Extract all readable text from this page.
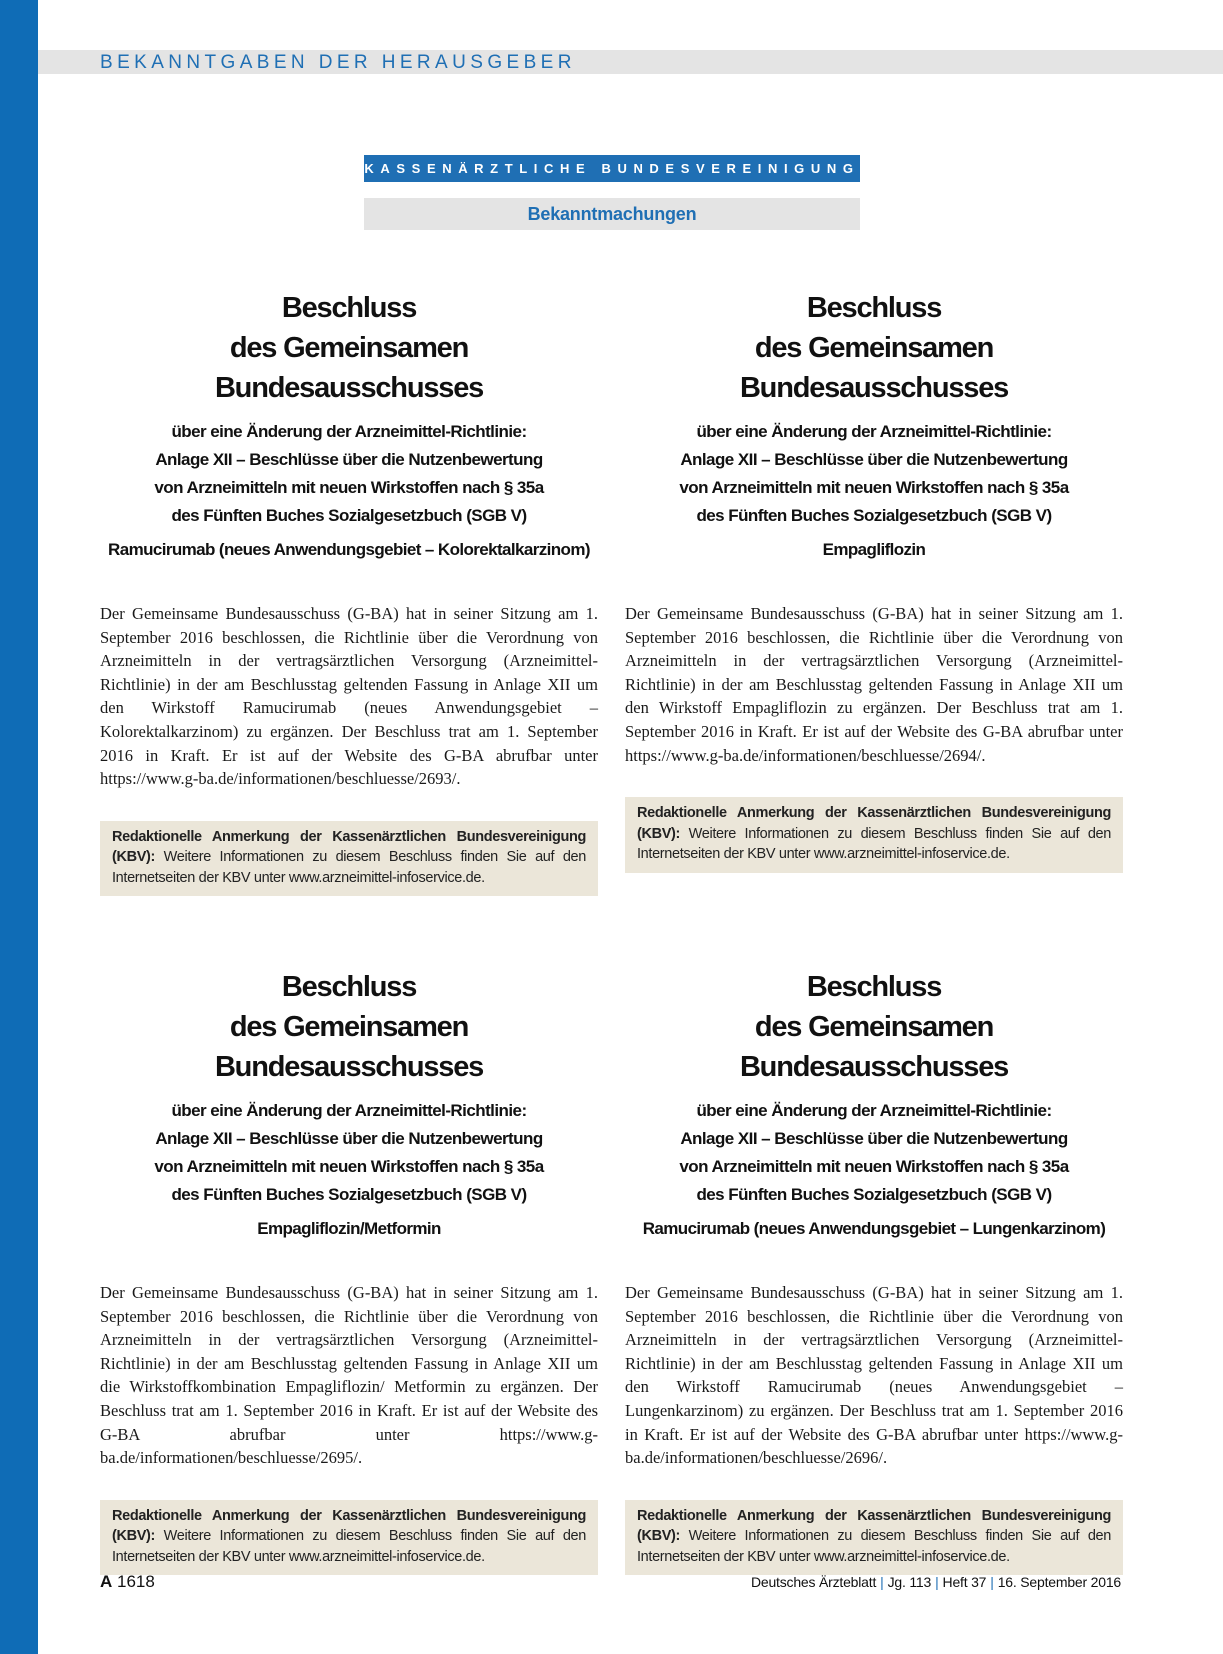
BEKANNTGABEN DER HERAUSGEBER
KASSENÄRZTLICHE BUNDESVEREINIGUNG
Bekanntmachungen
Beschluss
des Gemeinsamen Bundesausschusses
über eine Änderung der Arzneimittel-Richtlinie:
Anlage XII – Beschlüsse über die Nutzenbewertung
von Arzneimitteln mit neuen Wirkstoffen nach § 35a
des Fünften Buches Sozialgesetzbuch (SGB V)
Ramucirumab (neues Anwendungsgebiet – Kolorektalkarzinom)

Der Gemeinsame Bundesausschuss (G-BA) hat in seiner Sitzung am 1. September 2016 beschlossen, die Richtlinie über die Verordnung von Arzneimitteln in der vertragsärztlichen Versorgung (Arzneimittel-Richtlinie) in der am Beschlusstag geltenden Fassung in Anlage XII um den Wirkstoff Ramucirumab (neues Anwendungsgebiet – Kolorektalkarzinom) zu ergänzen. Der Beschluss trat am 1. September 2016 in Kraft. Er ist auf der Website des G-BA abrufbar unter https://www.g-ba.de/informationen/beschluesse/2693/.

Redaktionelle Anmerkung der Kassenärztlichen Bundesvereinigung (KBV): Weitere Informationen zu diesem Beschluss finden Sie auf den Internetseiten der KBV unter www.arzneimittel-infoservice.de.
Beschluss
des Gemeinsamen Bundesausschusses
über eine Änderung der Arzneimittel-Richtlinie:
Anlage XII – Beschlüsse über die Nutzenbewertung
von Arzneimitteln mit neuen Wirkstoffen nach § 35a
des Fünften Buches Sozialgesetzbuch (SGB V)
Empagliflozin

Der Gemeinsame Bundesausschuss (G-BA) hat in seiner Sitzung am 1. September 2016 beschlossen, die Richtlinie über die Verordnung von Arzneimitteln in der vertragsärztlichen Versorgung (Arzneimittel-Richtlinie) in der am Beschlusstag geltenden Fassung in Anlage XII um den Wirkstoff Empagliflozin zu ergänzen. Der Beschluss trat am 1. September 2016 in Kraft. Er ist auf der Website des G-BA abrufbar unter https://www.g-ba.de/informationen/beschluesse/2694/.

Redaktionelle Anmerkung der Kassenärztlichen Bundesvereinigung (KBV): Weitere Informationen zu diesem Beschluss finden Sie auf den Internetseiten der KBV unter www.arzneimittel-infoservice.de.
Beschluss
des Gemeinsamen Bundesausschusses
über eine Änderung der Arzneimittel-Richtlinie:
Anlage XII – Beschlüsse über die Nutzenbewertung
von Arzneimitteln mit neuen Wirkstoffen nach § 35a
des Fünften Buches Sozialgesetzbuch (SGB V)
Empagliflozin/Metformin

Der Gemeinsame Bundesausschuss (G-BA) hat in seiner Sitzung am 1. September 2016 beschlossen, die Richtlinie über die Verordnung von Arzneimitteln in der vertragsärztlichen Versorgung (Arzneimittel-Richtlinie) in der am Beschlusstag geltenden Fassung in Anlage XII um die Wirkstoffkombination Empagliflozin/ Metformin zu ergänzen. Der Beschluss trat am 1. September 2016 in Kraft. Er ist auf der Website des G-BA abrufbar unter https://www.g-ba.de/informationen/beschluesse/2695/.

Redaktionelle Anmerkung der Kassenärztlichen Bundesvereinigung (KBV): Weitere Informationen zu diesem Beschluss finden Sie auf den Internetseiten der KBV unter www.arzneimittel-infoservice.de.
Beschluss
des Gemeinsamen Bundesausschusses
über eine Änderung der Arzneimittel-Richtlinie:
Anlage XII – Beschlüsse über die Nutzenbewertung
von Arzneimitteln mit neuen Wirkstoffen nach § 35a
des Fünften Buches Sozialgesetzbuch (SGB V)
Ramucirumab (neues Anwendungsgebiet – Lungenkarzinom)

Der Gemeinsame Bundesausschuss (G-BA) hat in seiner Sitzung am 1. September 2016 beschlossen, die Richtlinie über die Verordnung von Arzneimitteln in der vertragsärztlichen Versorgung (Arzneimittel-Richtlinie) in der am Beschlusstag geltenden Fassung in Anlage XII um den Wirkstoff Ramucirumab (neues Anwendungsgebiet – Lungenkarzinom) zu ergänzen. Der Beschluss trat am 1. September 2016 in Kraft. Er ist auf der Website des G-BA abrufbar unter https://www.g-ba.de/informationen/beschluesse/2696/.

Redaktionelle Anmerkung der Kassenärztlichen Bundesvereinigung (KBV): Weitere Informationen zu diesem Beschluss finden Sie auf den Internetseiten der KBV unter www.arzneimittel-infoservice.de.
A 1618	Deutsches Ärzteblatt | Jg. 113 | Heft 37 | 16. September 2016
